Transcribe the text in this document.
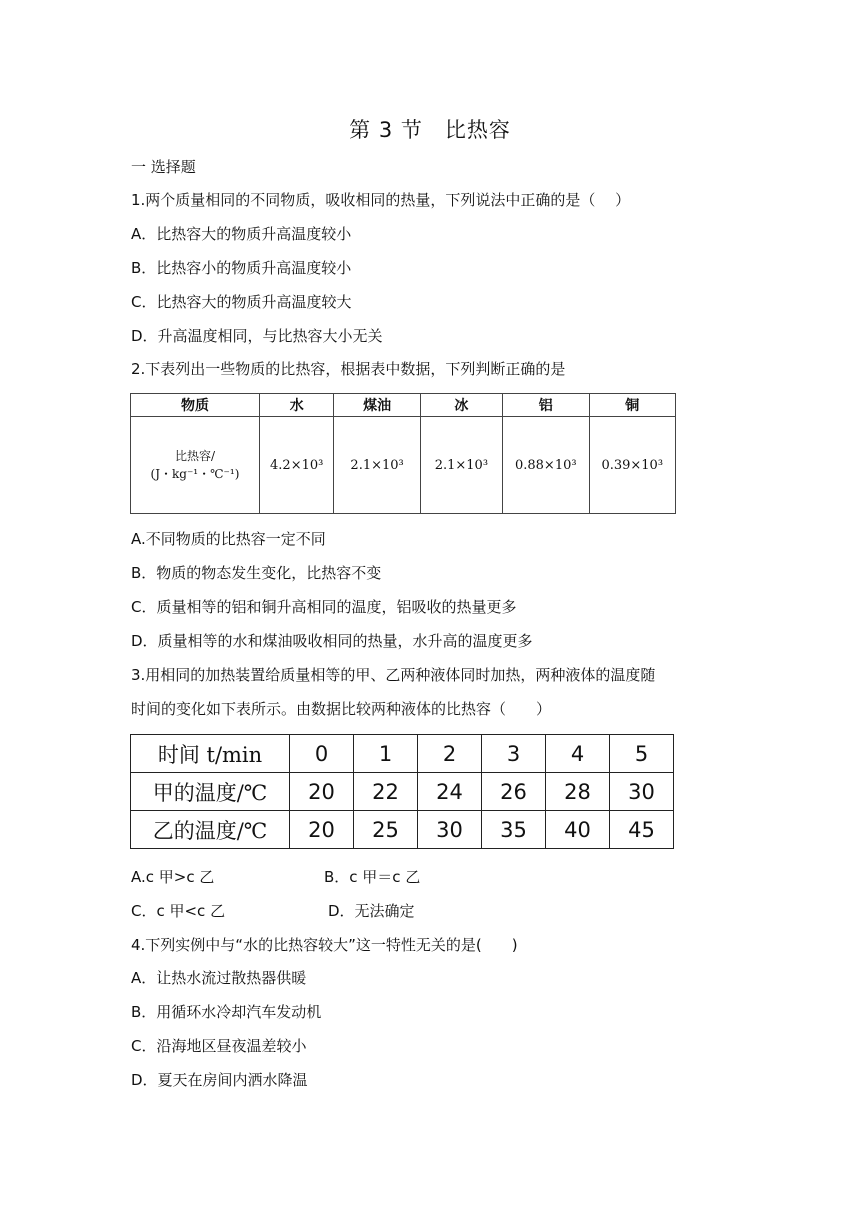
第 3 节　比热容
一 选择题
1.两个质量相同的不同物质，吸收相同的热量，下列说法中正确的是（　 ）
A．比热容大的物质升高温度较小
B．比热容小的物质升高温度较小
C．比热容大的物质升高温度较大
D．升高温度相同，与比热容大小无关
2.下表列出一些物质的比热容，根据表中数据，下列判断正确的是
物质	水	煤油	冰	铝	铜

比热容/
(J・kg⁻¹・℃⁻¹)	4.2×10³	2.1×10³	2.1×10³	0.88×10³	0.39×10³
A.不同物质的比热容一定不同
B．物质的物态发生变化，比热容不变
C．质量相等的铝和铜升高相同的温度，铝吸收的热量更多
D．质量相等的水和煤油吸收相同的热量，水升高的温度更多
3.用相同的加热装置给质量相等的甲、乙两种液体同时加热，两种液体的温度随
时间的变化如下表所示。由数据比较两种液体的比热容（　　）
时间 t/min	0	1	2	3	4	5
甲的温度/℃	20	22	24	26	28	30
乙的温度/℃	20	25	30	35	40	45
A.c 甲>c 乙	B．c 甲＝c 乙
C．c 甲<c 乙	D．无法确定
4.下列实例中与“水的比热容较大”这一特性无关的是(　　)
A．让热水流过散热器供暖
B．用循环水冷却汽车发动机
C．沿海地区昼夜温差较小
D．夏天在房间内洒水降温
